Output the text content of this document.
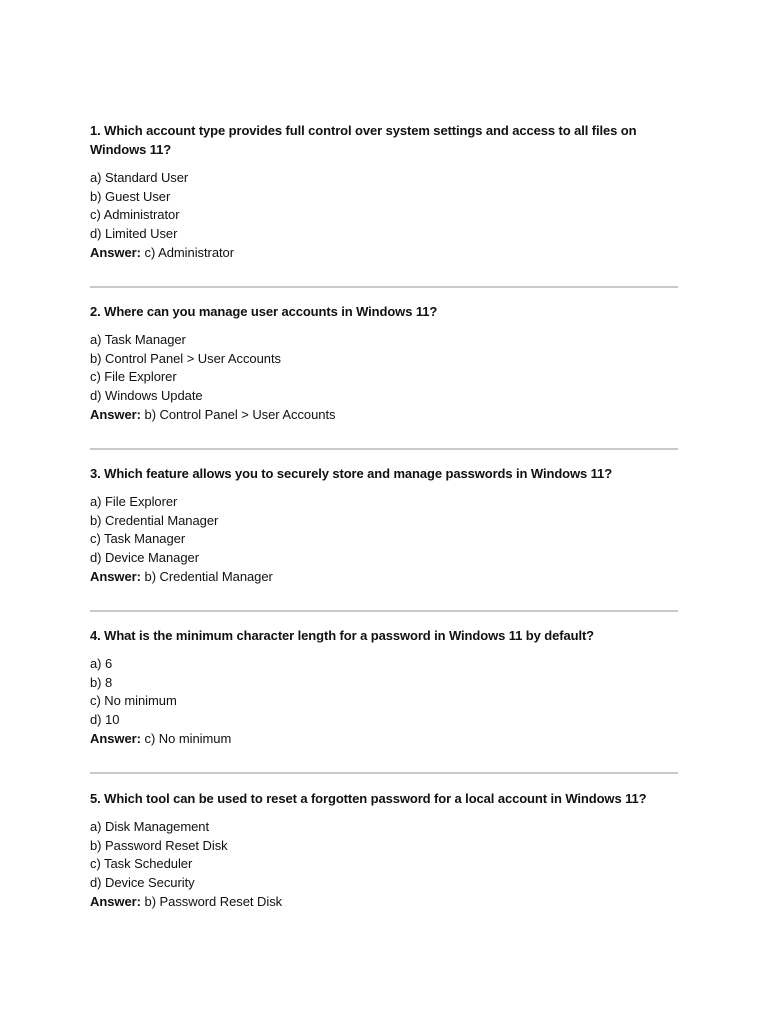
1. Which account type provides full control over system settings and access to all files on Windows 11?

a) Standard User

b) Guest User

c) Administrator

d) Limited User

Answer: c) Administrator

2. Where can you manage user accounts in Windows 11?

a) Task Manager

b) Control Panel > User Accounts

c) File Explorer

d) Windows Update

Answer: b) Control Panel > User Accounts

3. Which feature allows you to securely store and manage passwords in Windows 11?

a) File Explorer

b) Credential Manager

c) Task Manager

d) Device Manager

Answer: b) Credential Manager

4. What is the minimum character length for a password in Windows 11 by default?

a) 6

b) 8

c) No minimum

d) 10

Answer: c) No minimum

5. Which tool can be used to reset a forgotten password for a local account in Windows 11?

a) Disk Management

b) Password Reset Disk

c) Task Scheduler

d) Device Security

Answer: b) Password Reset Disk
